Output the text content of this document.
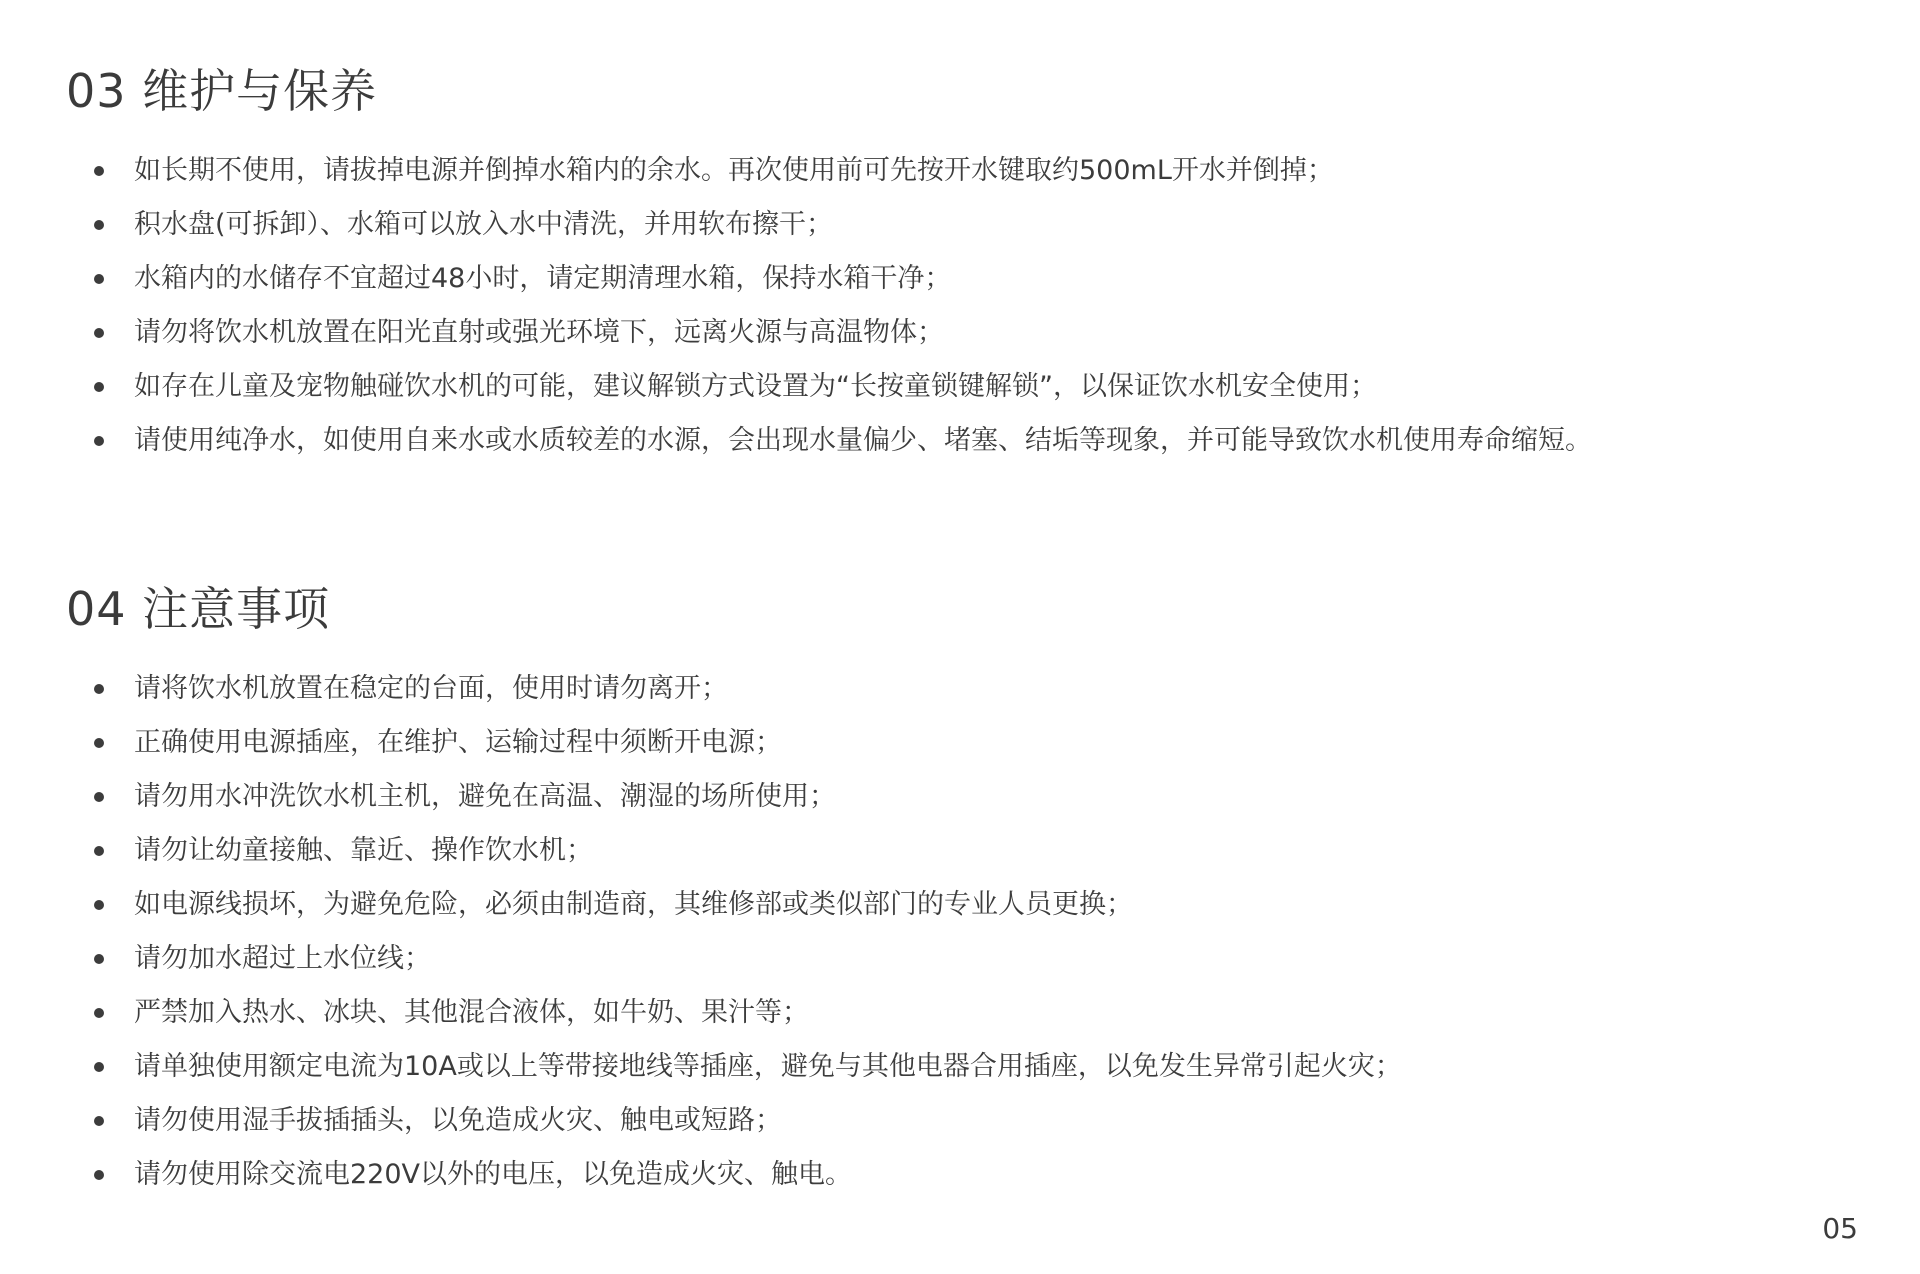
03 维护与保养
如长期不使用，请拔掉电源并倒掉水箱内的余水。再次使用前可先按开水键取约500mL开水并倒掉；
积水盘(可拆卸）、水箱可以放入水中清洗，并用软布擦干；
水箱内的水储存不宜超过48小时，请定期清理水箱，保持水箱干净；
请勿将饮水机放置在阳光直射或强光环境下，远离火源与高温物体；
如存在儿童及宠物触碰饮水机的可能，建议解锁方式设置为“长按童锁键解锁”，以保证饮水机安全使用；
请使用纯净水，如使用自来水或水质较差的水源，会出现水量偏少、堵塞、结垢等现象，并可能导致饮水机使用寿命缩短。
04 注意事项
请将饮水机放置在稳定的台面，使用时请勿离开；
正确使用电源插座，在维护、运输过程中须断开电源；
请勿用水冲洗饮水机主机，避免在高温、潮湿的场所使用；
请勿让幼童接触、靠近、操作饮水机；
如电源线损坏，为避免危险，必须由制造商，其维修部或类似部门的专业人员更换；
请勿加水超过上水位线；
严禁加入热水、冰块、其他混合液体，如牛奶、果汁等；
请单独使用额定电流为10A或以上等带接地线等插座，避免与其他电器合用插座，以免发生异常引起火灾；
请勿使用湿手拔插插头，以免造成火灾、触电或短路；
请勿使用除交流电220V以外的电压，以免造成火灾、触电。
05
